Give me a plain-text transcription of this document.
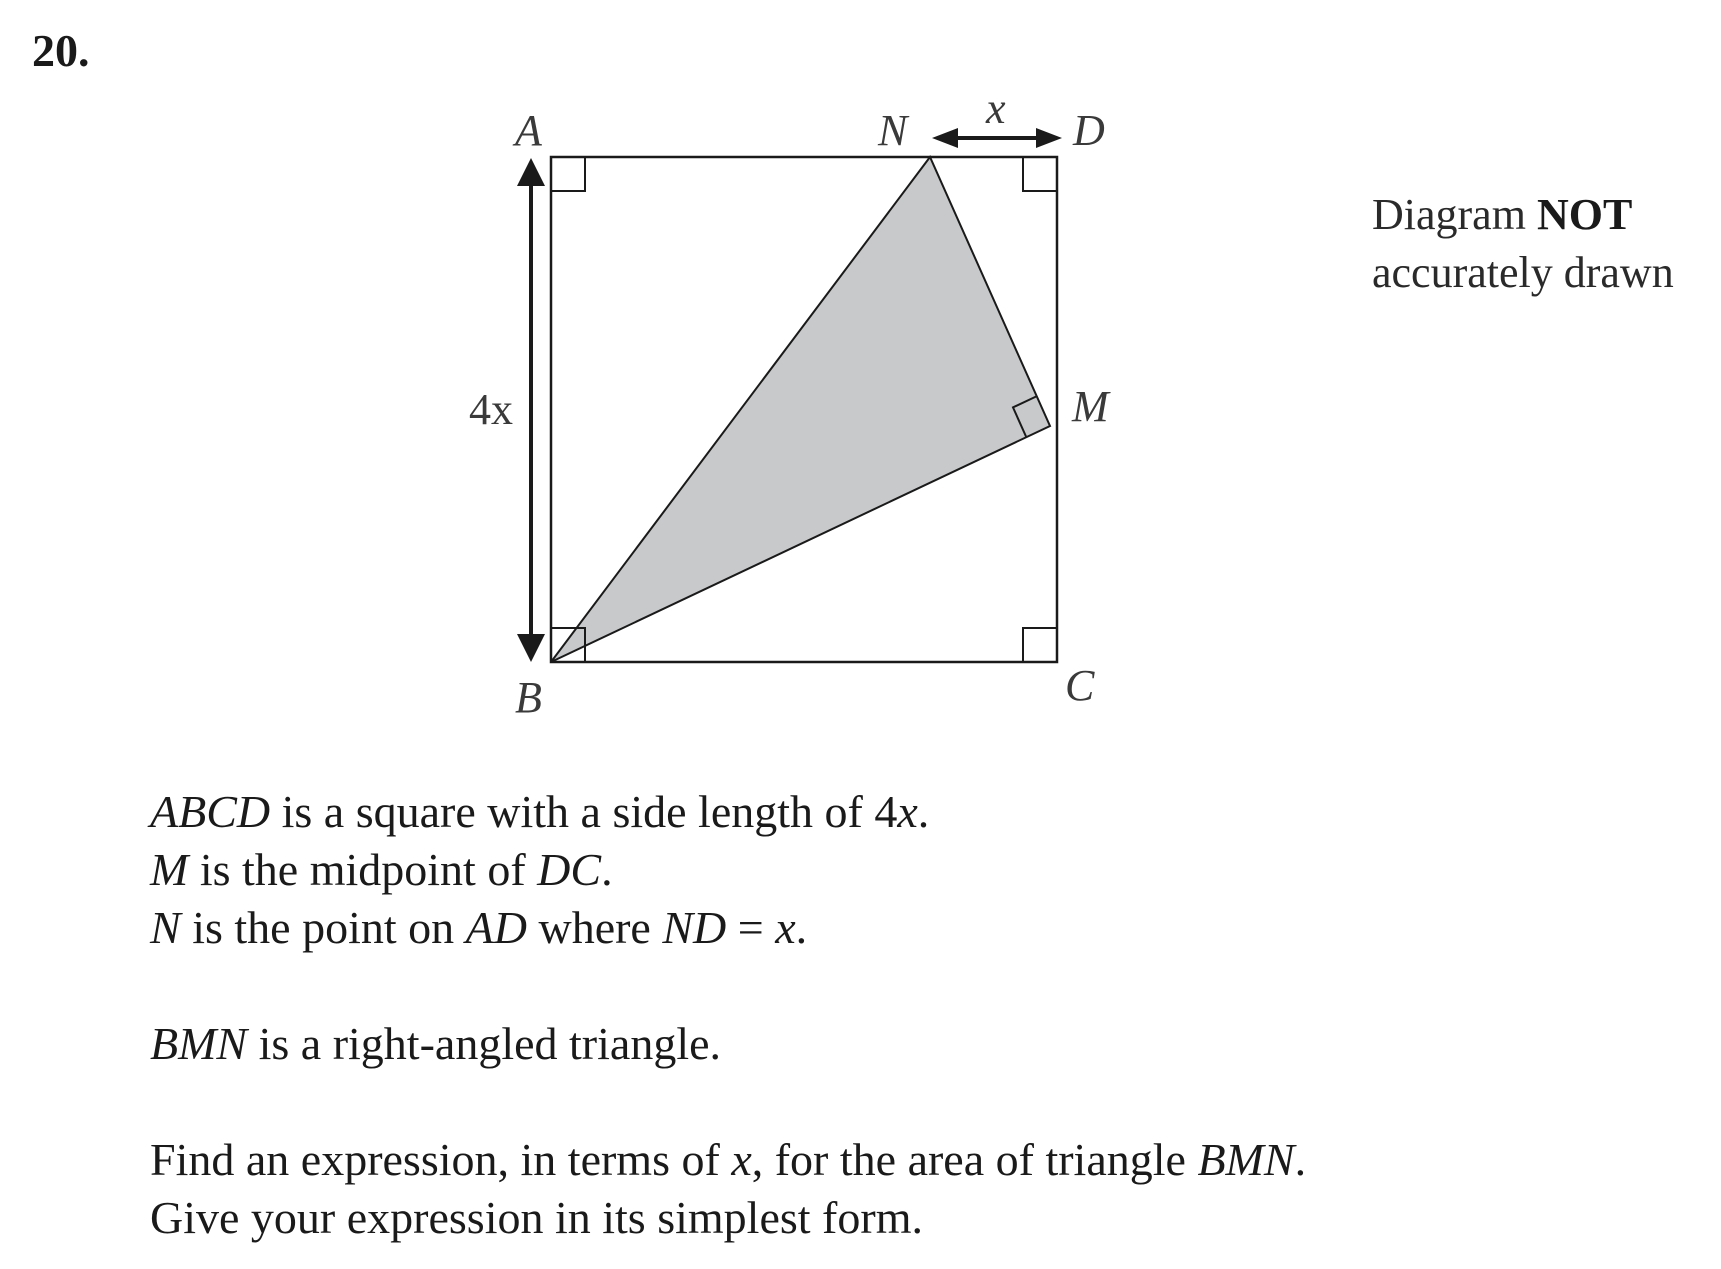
20.
Diagram NOT
accurately drawn
A	N	D
M
B	C
4x
x

ABCD is a square with a side length of 4x.

M is the midpoint of DC.

N is the point on AD where ND = x.

BMN is a right-angled triangle.

Find an expression, in terms of x, for the area of triangle BMN.

Give your expression in its simplest form.
